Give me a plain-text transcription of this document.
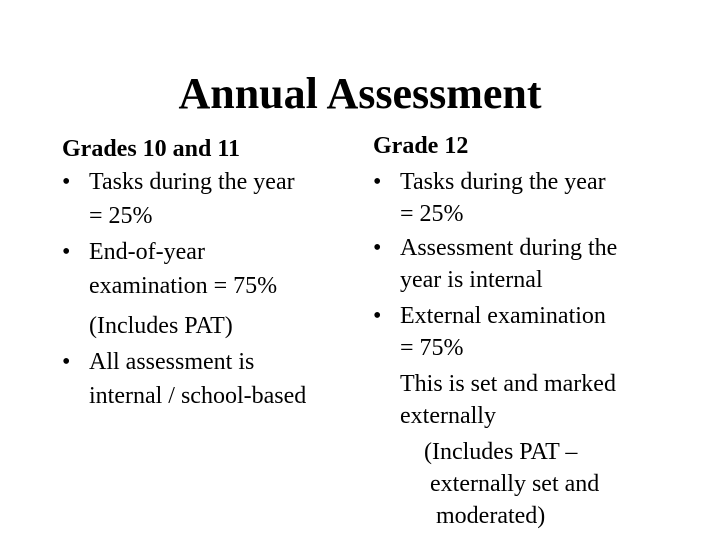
Annual Assessment
Grades 10 and 11
• Tasks during the year
= 25%
• End-of-year
examination = 75%
(Includes PAT)
• All assessment is
internal / school-based
Grade 12
• Tasks during the year
= 25%
• Assessment during the
year is internal
• External examination
= 75%
This is set and marked
externally
(Includes PAT –
externally set and
moderated)
